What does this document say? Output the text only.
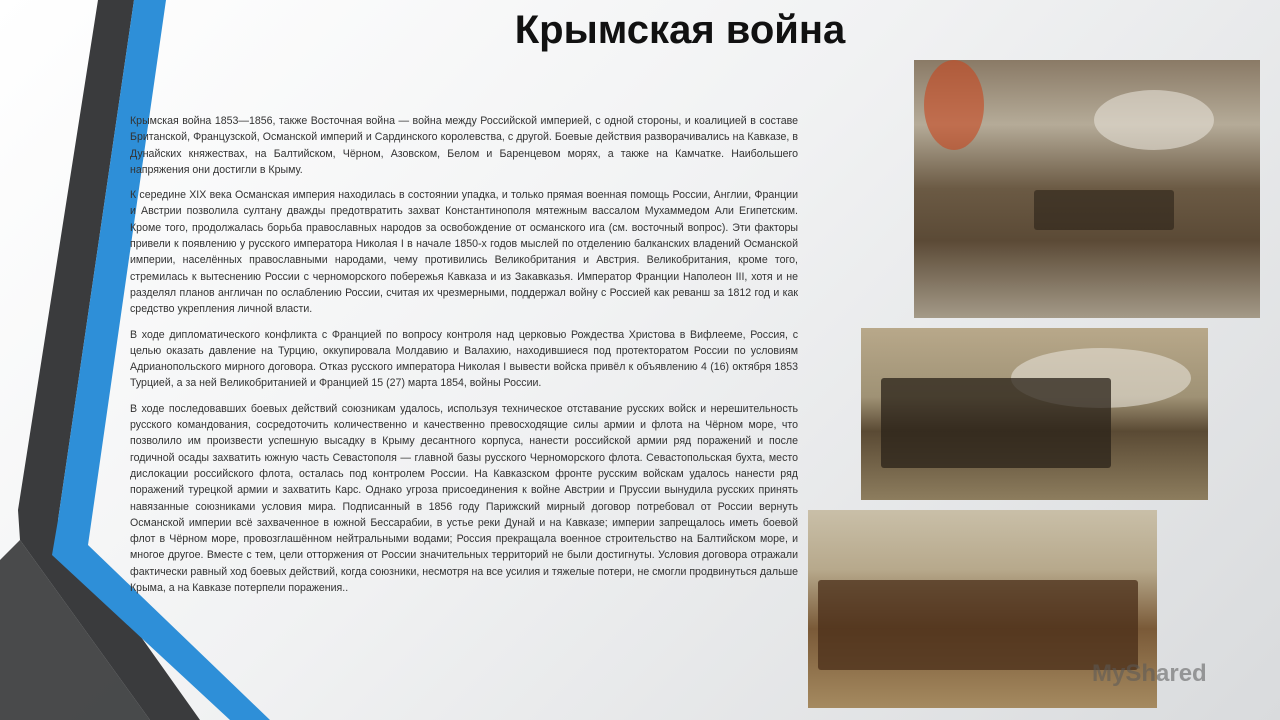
Крымская война

Крымская война 1853—1856, также Восточная война — война между Российской империей, с одной стороны, и коалицией в составе Британской, Французской, Османской империй и Сардинского королевства, с другой. Боевые действия разворачивались на Кавказе, в Дунайских княжествах, на Балтийском, Чёрном, Азовском, Белом и Баренцевом морях, а также на Камчатке. Наибольшего напряжения они достигли в Крыму.

К середине XIX века Османская империя находилась в состоянии упадка, и только прямая военная помощь России, Англии, Франции и Австрии позволила султану дважды предотвратить захват Константинополя мятежным вассалом Мухаммедом Али Египетским. Кроме того, продолжалась борьба православных народов за освобождение от османского ига (см. восточный вопрос). Эти факторы привели к появлению у русского императора Николая I в начале 1850-х годов мыслей по отделению балканских владений Османской империи, населённых православными народами, чему противились Великобритания и Австрия. Великобритания, кроме того, стремилась к вытеснению России с черноморского побережья Кавказа и из Закавказья. Император Франции Наполеон III, хотя и не разделял планов англичан по ослаблению России, считая их чрезмерными, поддержал войну с Россией как реванш за 1812 год и как средство укрепления личной власти.

В ходе дипломатического конфликта с Францией по вопросу контроля над церковью Рождества Христова в Вифлееме, Россия, с целью оказать давление на Турцию, оккупировала Молдавию и Валахию, находившиеся под протекторатом России по условиям Адрианопольского мирного договора. Отказ русского императора Николая I вывести войска привёл к объявлению 4 (16) октября 1853 Турцией, а за ней Великобританией и Францией 15 (27) марта 1854, войны России.

В ходе последовавших боевых действий союзникам удалось, используя техническое отставание русских войск и нерешительность русского командования, сосредоточить количественно и качественно превосходящие силы армии и флота на Чёрном море, что позволило им произвести успешную высадку в Крыму десантного корпуса, нанести российской армии ряд поражений и после годичной осады захватить южную часть Севастополя — главной базы русского Черноморского флота. Севастопольская бухта, место дислокации российского флота, осталась под контролем России. На Кавказском фронте русским войскам удалось нанести ряд поражений турецкой армии и захватить Карс. Однако угроза присоединения к войне Австрии и Пруссии вынудила русских принять навязанные союзниками условия мира. Подписанный в 1856 году Парижский мирный договор потребовал от России вернуть Османской империи всё захваченное в южной Бессарабии, в устье реки Дунай и на Кавказе; империи запрещалось иметь боевой флот в Чёрном море, провозглашённом нейтральными водами; Россия прекращала военное строительство на Балтийском море, и многое другое. Вместе с тем, цели отторжения от России значительных территорий не были достигнуты. Условия договора отражали фактически равный ход боевых действий, когда союзники, несмотря на все усилия и тяжелые потери, не смогли продвинуться дальше Крыма, а на Кавказе потерпели поражения..

MyShared
